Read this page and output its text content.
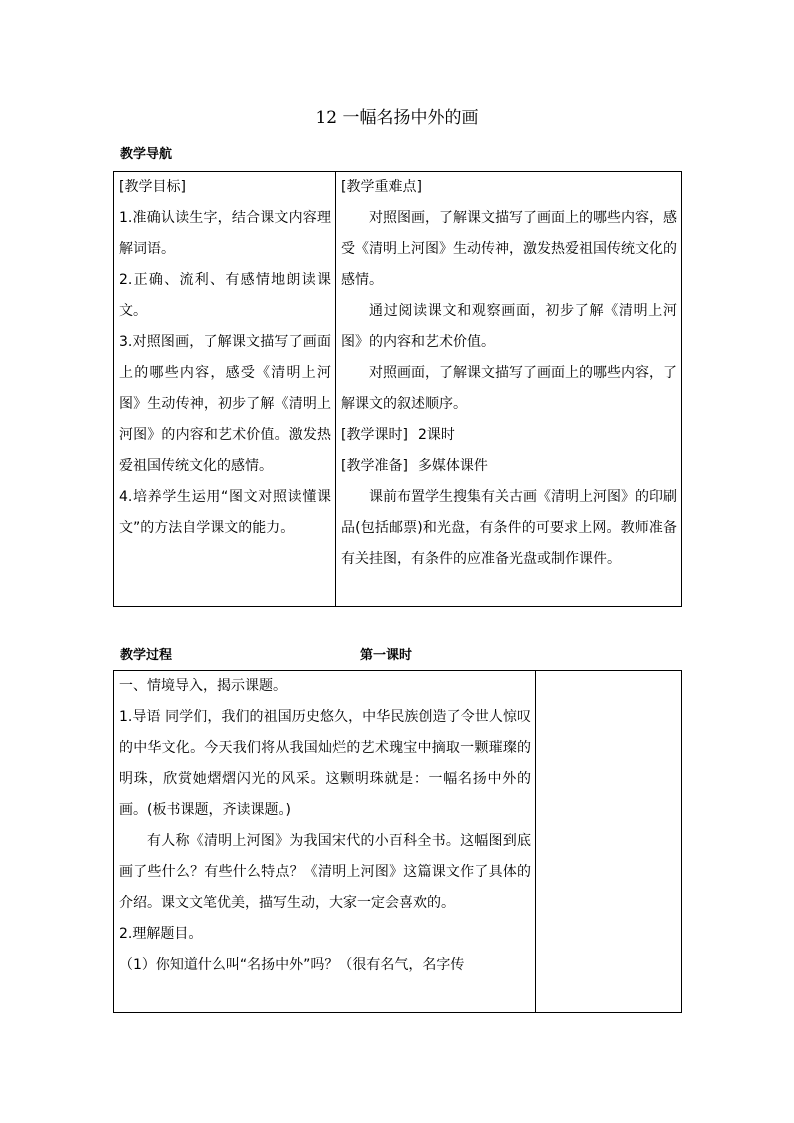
12 一幅名扬中外的画
教学导航

[教学目标]

1.准确认读生字，结合课文内容理解词语。

2.正确、流利、有感情地朗读课文。

3.对照图画，了解课文描写了画面上的哪些内容，感受《清明上河图》生动传神，初步了解《清明上河图》的内容和艺术价值。激发热爱祖国传统文化的感情。

4.培养学生运用“图文对照读懂课文”的方法自学课文的能力。

[教学重难点]

对照图画，了解课文描写了画面上的哪些内容，感受《清明上河图》生动传神，激发热爱祖国传统文化的感情。

通过阅读课文和观察画面，初步了解《清明上河图》的内容和艺术价值。

对照画面，了解课文描写了画面上的哪些内容，了解课文的叙述顺序。

[教学课时] 2课时

[教学准备] 多媒体课件

课前布置学生搜集有关古画《清明上河图》的印刷品(包括邮票)和光盘，有条件的可要求上网。教师准备有关挂图，有条件的应准备光盘或制作课件。

教学过程	第一课时

一、情境导入，揭示课题。

1.导语 同学们，我们的祖国历史悠久，中华民族创造了令世人惊叹的中华文化。今天我们将从我国灿烂的艺术瑰宝中摘取一颗璀璨的明珠，欣赏她熠熠闪光的风采。这颗明珠就是：一幅名扬中外的画。(板书课题，齐读课题。)

有人称《清明上河图》为我国宋代的小百科全书。这幅图到底画了些什么？有些什么特点？《清明上河图》这篇课文作了具体的介绍。课文文笔优美，描写生动，大家一定会喜欢的。

2.理解题目。

（1）你知道什么叫“名扬中外”吗？（很有名气，名字传
